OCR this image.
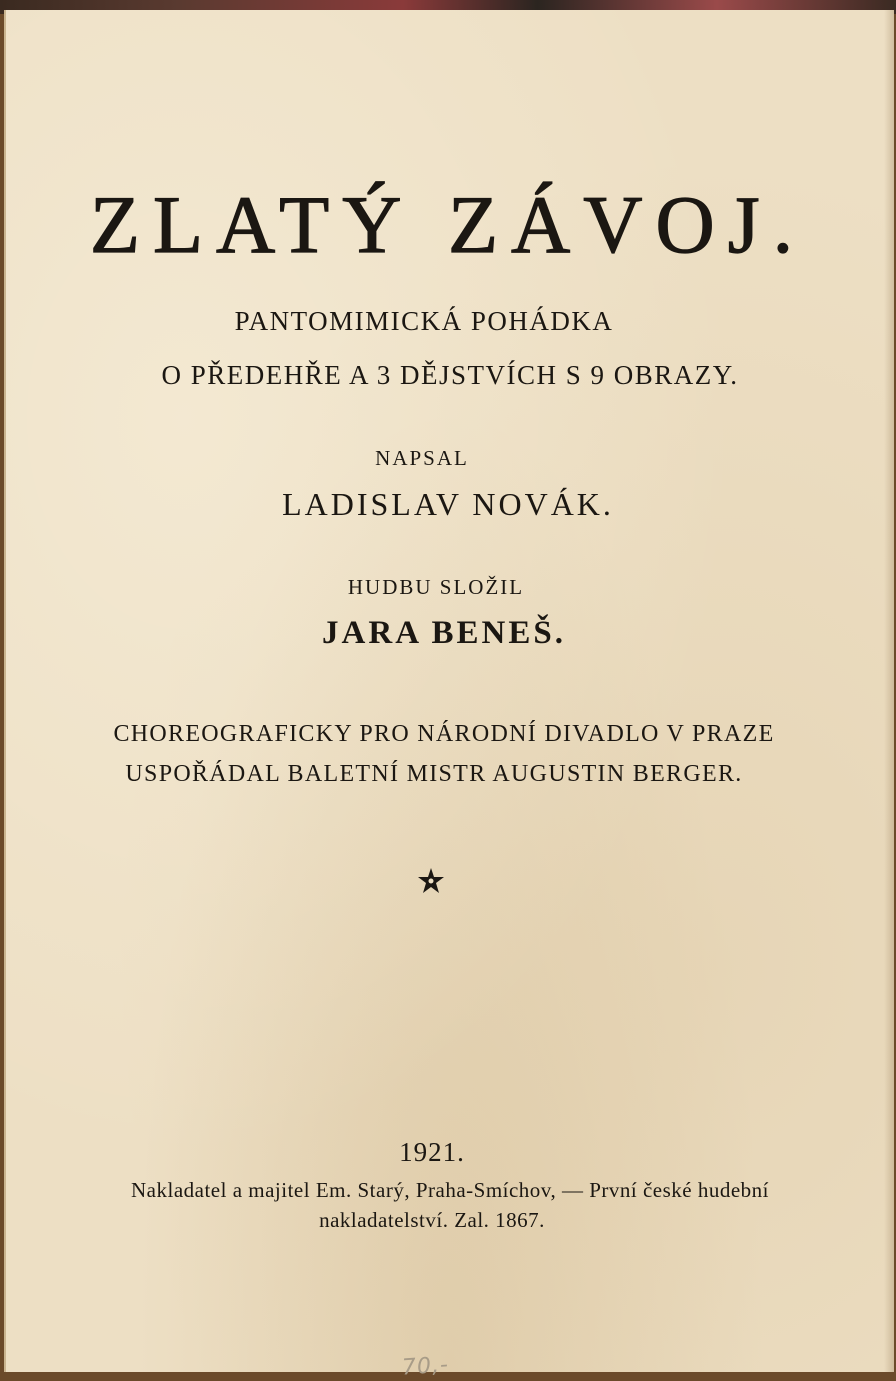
ZLATÝ ZÁVOJ.
PANTOMIMICKÁ POHÁDKA
O PŘEDEHŘE A 3 DĚJSTVÍCH S 9 OBRAZY.
NAPSAL
LADISLAV NOVÁK.
HUDBU SLOŽIL
JARA BENEŠ.
CHOREOGRAFICKY PRO NÁRODNÍ DIVADLO V PRAZE
USPOŘÁDAL BALETNÍ MISTR AUGUSTIN BERGER.
1921.
Nakladatel a majitel Em. Starý, Praha-Smíchov, — První české hudební
nakladatelství. Zal. 1867.
70,-
